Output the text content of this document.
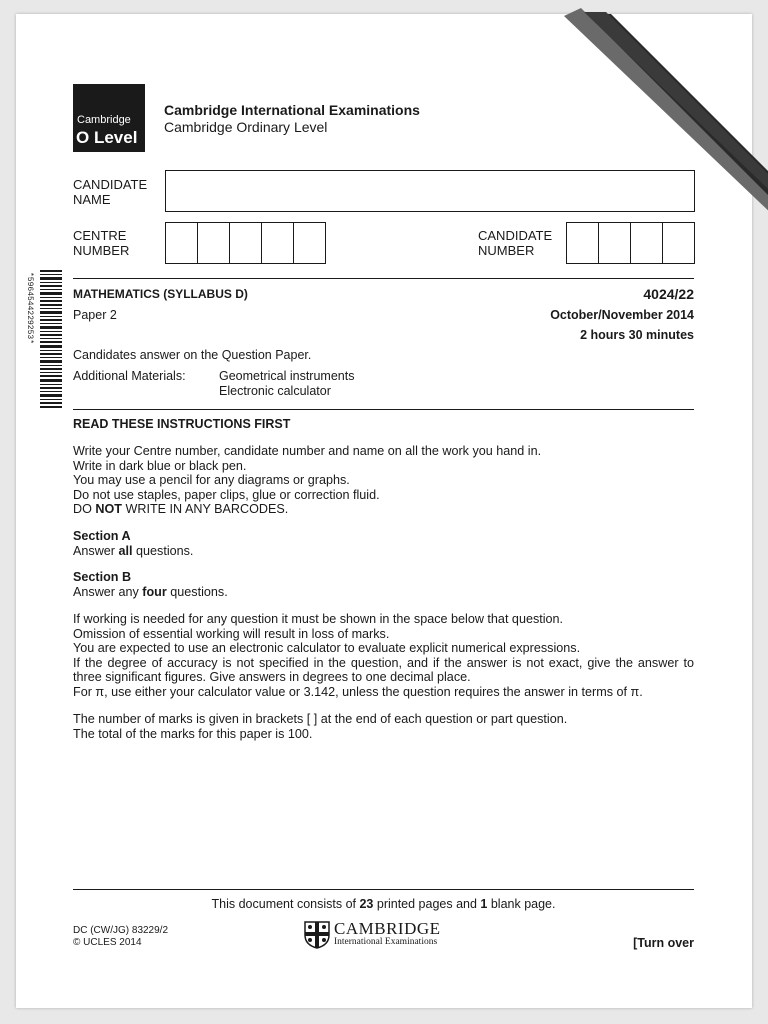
www.XtremePapers.com
Cambridge
O Level
Cambridge International Examinations
Cambridge Ordinary Level
CANDIDATE NAME
CENTRE NUMBER
CANDIDATE NUMBER
*5964544229253*	MATHEMATICS (SYLLABUS D)	4024/22
Paper 2	October/November 2014
2 hours 30 minutes
Candidates answer on the Question Paper.
Additional Materials:	Geometrical instruments
Electronic calculator
READ THESE INSTRUCTIONS FIRST

Write your Centre number, candidate number and name on all the work you hand in.

Write in dark blue or black pen.

You may use a pencil for any diagrams or graphs.

Do not use staples, paper clips, glue or correction fluid.

DO NOT WRITE IN ANY BARCODES.

Section A

Answer all questions.

Section B

Answer any four questions.

If working is needed for any question it must be shown in the space below that question.

Omission of essential working will result in loss of marks.

You are expected to use an electronic calculator to evaluate explicit numerical expressions.

If the degree of accuracy is not specified in the question, and if the answer is not exact, give the answer to three significant figures. Give answers in degrees to one decimal place.

For π, use either your calculator value or 3.142, unless the question requires the answer in terms of π.

The number of marks is given in brackets [ ] at the end of each question or part question.

The total of the marks for this paper is 100.

This document consists of 23 printed pages and 1 blank page.
DC (CW/JG) 83229/2
© UCLES 2014
CAMBRIDGE
International Examinations	[Turn over
